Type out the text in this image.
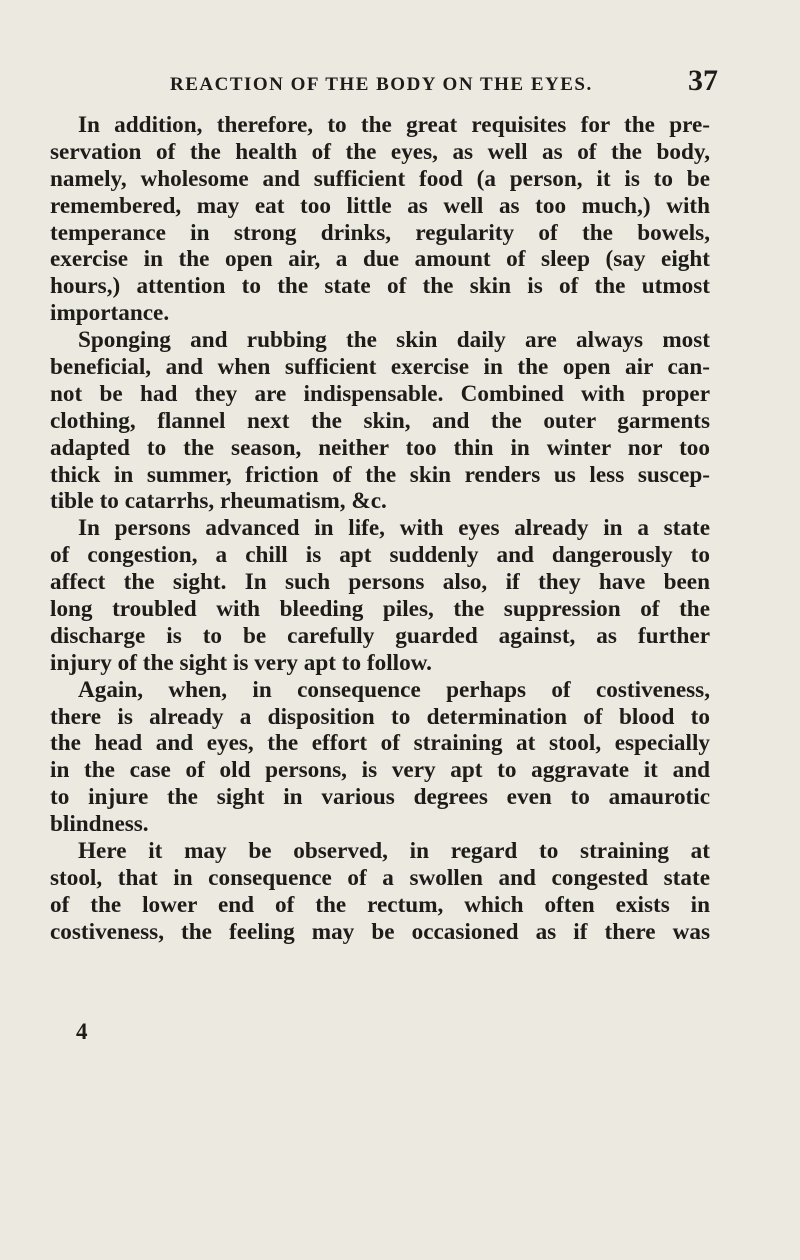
REACTION OF THE BODY ON THE EYES.	37
In addition, therefore, to the great requisites for the pre-
servation of the health of the eyes, as well as of the body,
namely, wholesome and sufficient food (a person, it is to be
remembered, may eat too little as well as too much,) with
temperance in strong drinks, regularity of the bowels,
exercise in the open air, a due amount of sleep (say eight
hours,) attention to the state of the skin is of the utmost
importance.
Sponging and rubbing the skin daily are always most
beneficial, and when sufficient exercise in the open air can-
not be had they are indispensable. Combined with proper
clothing, flannel next the skin, and the outer garments
adapted to the season, neither too thin in winter nor too
thick in summer, friction of the skin renders us less suscep-
tible to catarrhs, rheumatism, &c.
In persons advanced in life, with eyes already in a state
of congestion, a chill is apt suddenly and dangerously to
affect the sight. In such persons also, if they have been
long troubled with bleeding piles, the suppression of the
discharge is to be carefully guarded against, as further
injury of the sight is very apt to follow.
Again, when, in consequence perhaps of costiveness,
there is already a disposition to determination of blood to
the head and eyes, the effort of straining at stool, especially
in the case of old persons, is very apt to aggravate it and
to injure the sight in various degrees even to amaurotic
blindness.
Here it may be observed, in regard to straining at
stool, that in consequence of a swollen and congested state
of the lower end of the rectum, which often exists in
costiveness, the feeling may be occasioned as if there was
4
